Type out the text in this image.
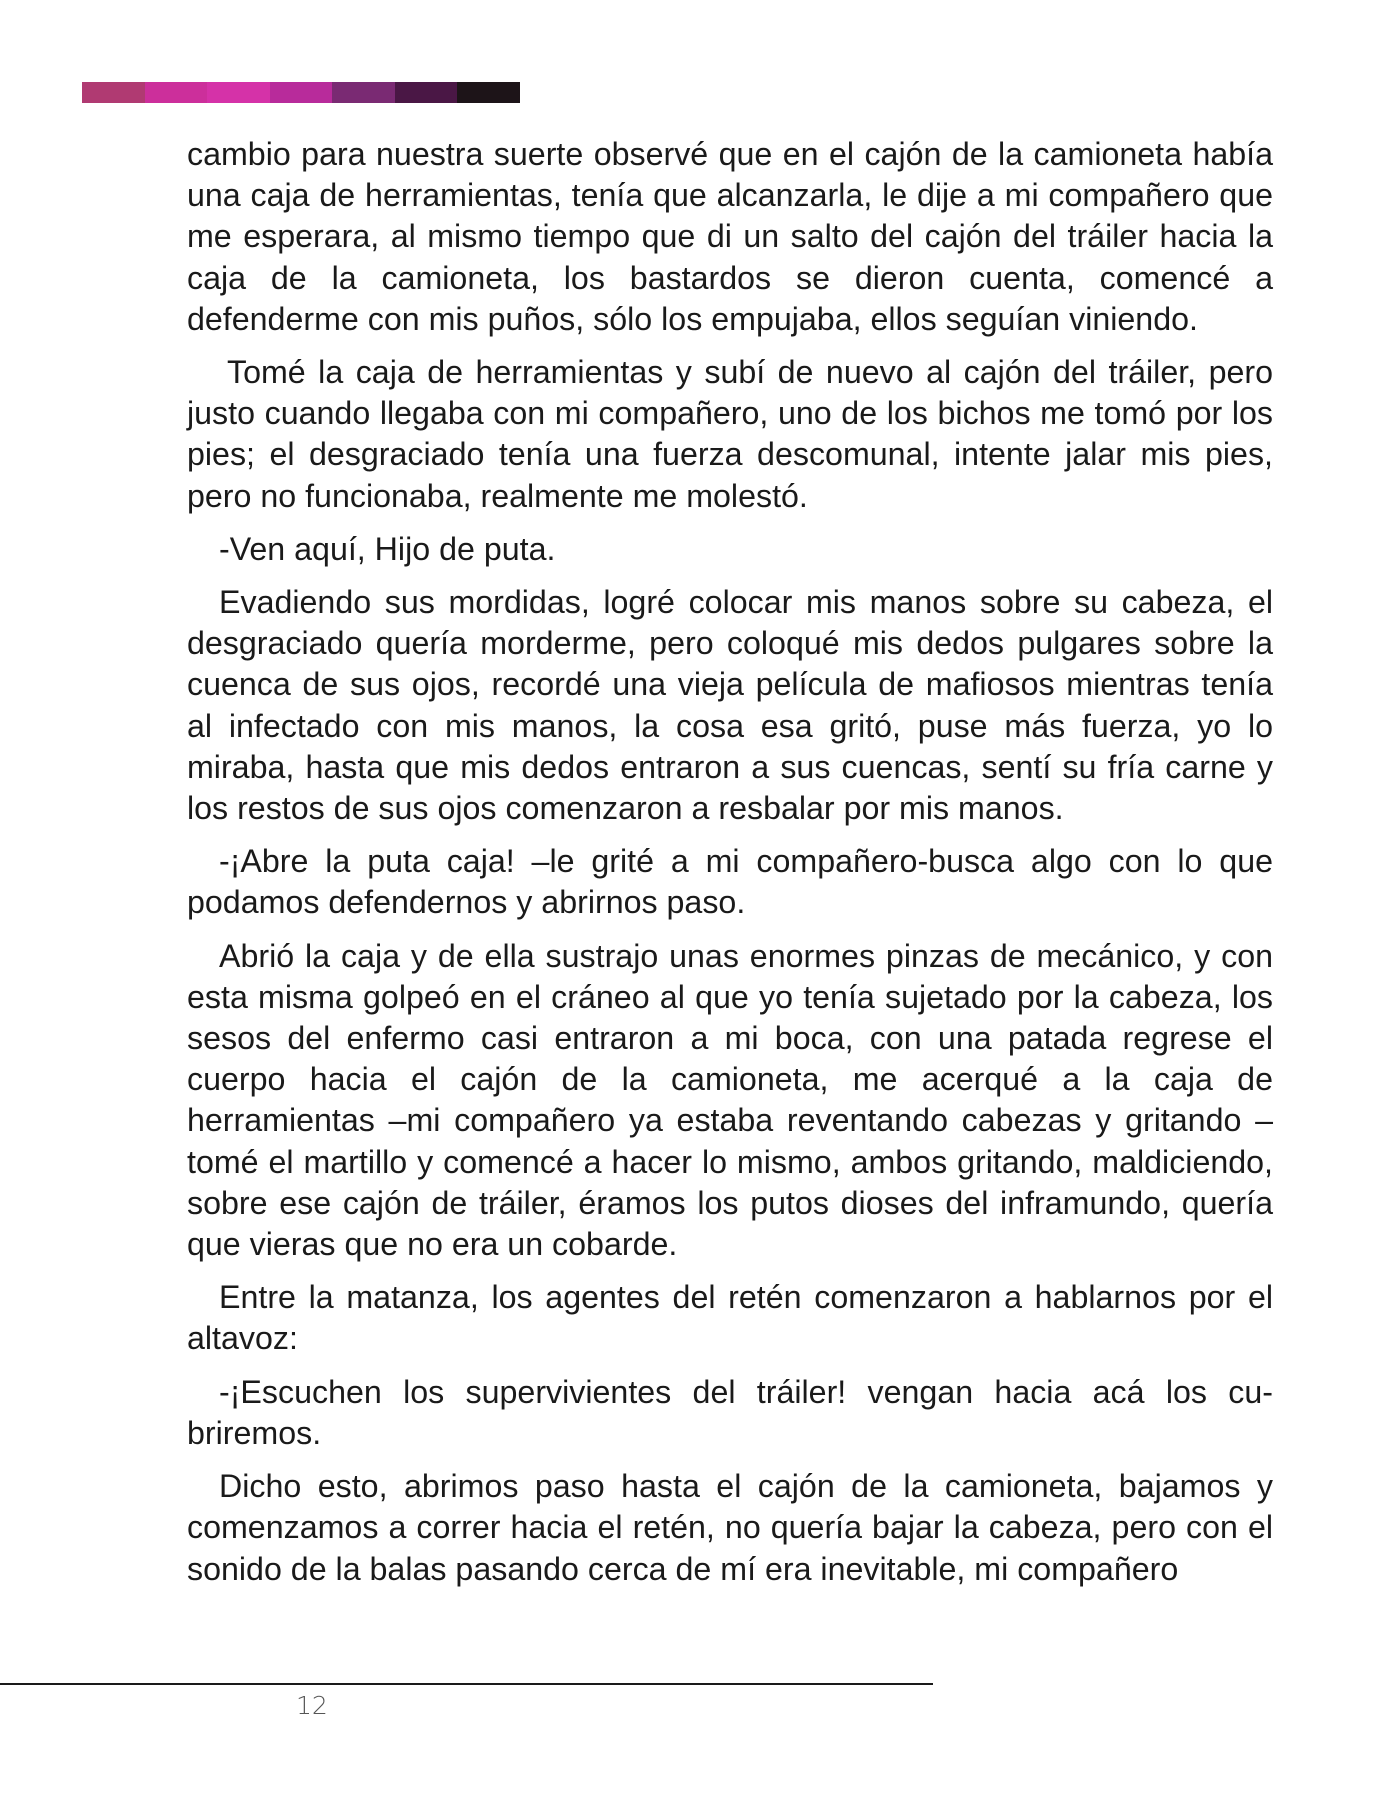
cambio para nuestra suerte observé que en el cajón de la camioneta había una caja de herramientas, tenía que alcanzarla, le dije a mi compañero que me esperara, al mismo tiempo que di un salto del cajón del tráiler hacia la caja de la camioneta, los bastardos se dieron cuenta, comencé a defenderme con mis puños, sólo los empujaba, ellos seguían viniendo.

Tomé la caja de herramientas y subí de nuevo al cajón del tráiler, pero justo cuando llegaba con mi compañero, uno de los bichos me tomó por los pies; el desgraciado tenía una fuerza descomunal, intente jalar mis pies, pero no funcionaba, realmente me molestó.

-Ven aquí, Hijo de puta.

Evadiendo sus mordidas, logré colocar mis manos sobre su cabeza, el desgraciado quería morderme, pero coloqué mis dedos pulgares sobre la cuenca de sus ojos, recordé una vieja película de mafiosos mientras tenía al infectado con mis manos, la cosa esa gritó, puse más fuerza, yo lo miraba, hasta que mis dedos entraron a sus cuencas, sentí su fría carne y los restos de sus ojos comenzaron a resbalar por mis manos.

-¡Abre la puta caja! –le grité a mi compañero-busca algo con lo que podamos defendernos y abrirnos paso.

Abrió la caja y de ella sustrajo unas enormes pinzas de mecánico, y con esta misma golpeó en el cráneo al que yo tenía sujetado por la cabeza, los sesos del enfermo casi entraron a mi boca, con una patada regrese el cuerpo hacia el cajón de la camioneta, me acerqué a la caja de herramientas –mi compañero ya estaba reventando cabezas y gritando – tomé el martillo y comencé a hacer lo mismo, ambos gritando, maldiciendo, sobre ese cajón de tráiler, éramos los putos dioses del inframundo, quería que vieras que no era un cobarde.

Entre la matanza, los agentes del retén comenzaron a hablarnos por el altavoz:

-¡Escuchen los supervivientes del tráiler! vengan hacia acá los cubriremos.

Dicho esto, abrimos paso hasta el cajón de la camioneta, bajamos y comenzamos a correr hacia el retén, no quería bajar la cabeza, pero con el sonido de la balas pasando cerca de mí era inevitable, mi compañero

12
